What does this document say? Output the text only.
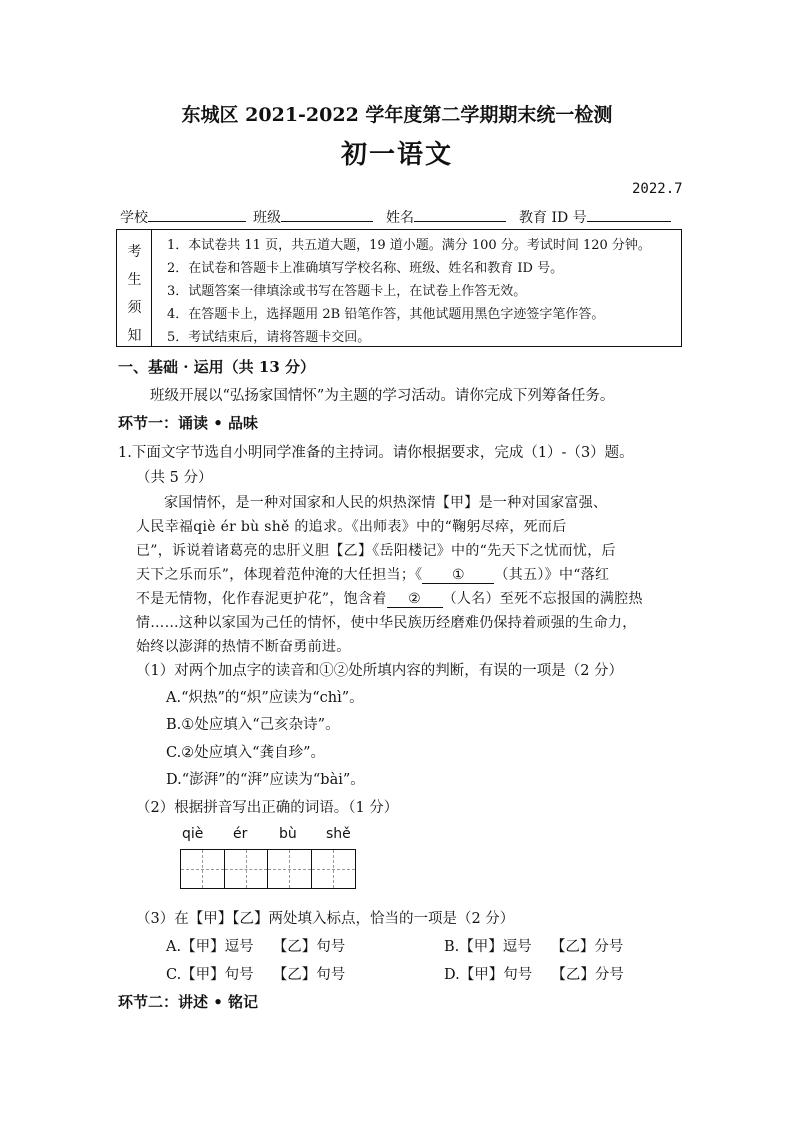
东城区 2021-2022 学年度第二学期期末统一检测
初一语文
2022.7
学校	班级	姓名	教育 ID 号
考
生
须
知
1．本试卷共 11 页，共五道大题，19 道小题。满分 100 分。考试时间 120 分钟。
2．在试卷和答题卡上准确填写学校名称、班级、姓名和教育 ID 号。
3．试题答案一律填涂或书写在答题卡上，在试卷上作答无效。
4．在答题卡上，选择题用 2B 铅笔作答，其他试题用黑色字迹签字笔作答。
5．考试结束后，请将答题卡交回。
一、基础 · 运用（共 13 分）
班级开展以“弘扬家国情怀”为主题的学习活动。请你完成下列筹备任务。
环节一：诵读 • 品味
1.下面文字节选自小明同学准备的主持词。请你根据要求，完成（1）-（3）题。
（共 5 分）
家国情怀，是一种对国家和人民的炽热深情【甲】是一种对国家富强、
人民幸福qiè ér bù shě 的追求。《出师表》中的“鞠躬尽瘁，死而后
已”，诉说着诸葛亮的忠肝义胆【乙】《岳阳楼记》中的“先天下之忧而忧，后
天下之乐而乐”，体现着范仲淹的大任担当；《 ① （其五）》中“落红
不是无情物，化作春泥更护花”，饱含着 ② （人名）至死不忘报国的满腔热
情……这种以家国为己任的情怀，使中华民族历经磨难仍保持着顽强的生命力，
始终以澎湃的热情不断奋勇前进。
（1）对两个加点字的读音和①②处所填内容的判断，有误的一项是（2 分）
A.“炽热”的“炽”应读为“chì”。
B.①处应填入“己亥杂诗”。
C.②处应填入“龚自珍”。
D.“澎湃”的“湃”应读为“bài”。
（2）根据拼音写出正确的词语。（1 分）
qiè ér bù shě
（3）在【甲】【乙】两处填入标点，恰当的一项是（2 分）
A.【甲】逗号　 【乙】句号	B.【甲】逗号　 【乙】分号
C.【甲】句号　 【乙】句号	D.【甲】句号　 【乙】分号
环节二：讲述 • 铭记
